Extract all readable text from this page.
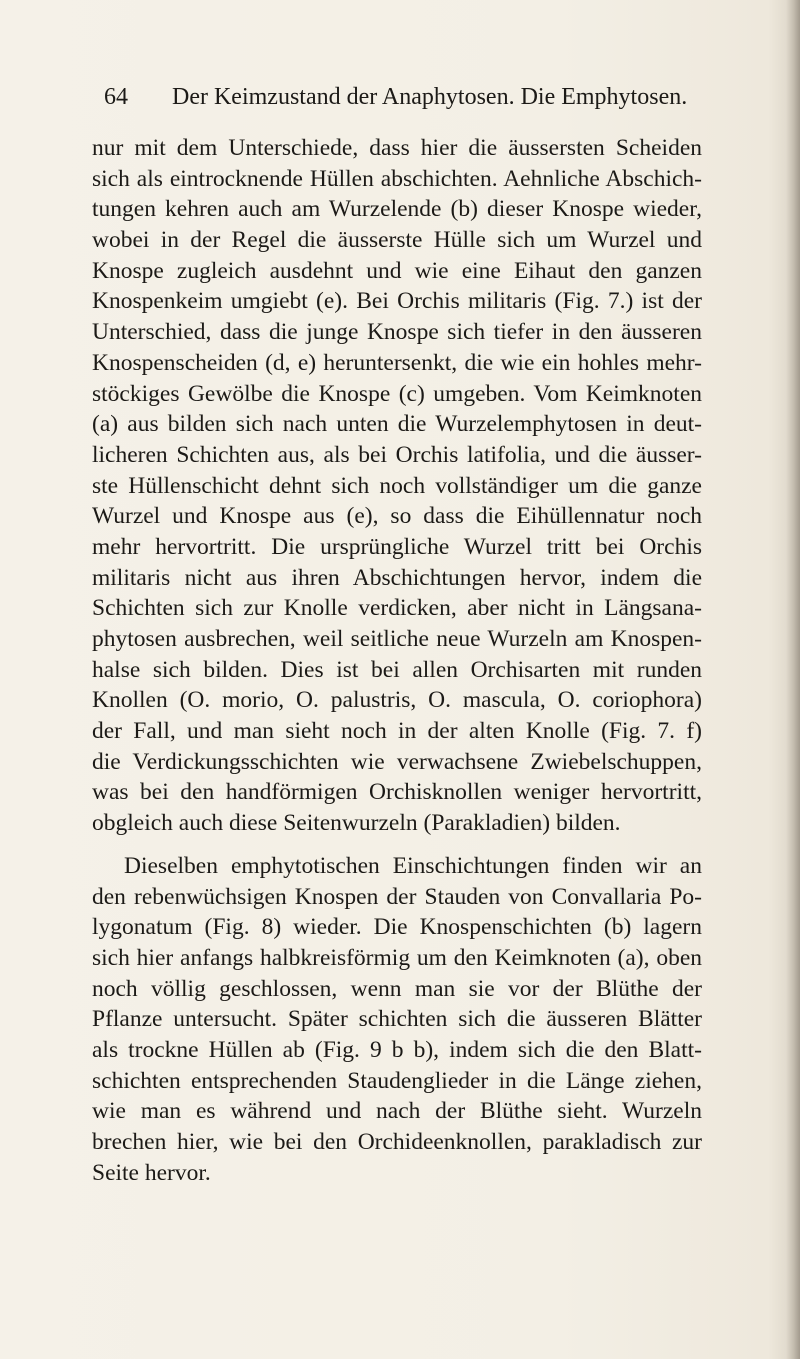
64 Der Keimzustand der Anaphytosen. Die Emphytosen.
nur mit dem Unterschiede, dass hier die äussersten Scheiden
sich als eintrocknende Hüllen abschichten. Aehnliche Abschich-
tungen kehren auch am Wurzelende (b) dieser Knospe wieder,
wobei in der Regel die äusserste Hülle sich um Wurzel und
Knospe zugleich ausdehnt und wie eine Eihaut den ganzen
Knospenkeim umgiebt (e). Bei Orchis militaris (Fig. 7.) ist der
Unterschied, dass die junge Knospe sich tiefer in den äusseren
Knospenscheiden (d, e) heruntersenkt, die wie ein hohles mehr-
stöckiges Gewölbe die Knospe (c) umgeben. Vom Keimknoten
(a) aus bilden sich nach unten die Wurzelemphytosen in deut-
licheren Schichten aus, als bei Orchis latifolia, und die äusser-
ste Hüllenschicht dehnt sich noch vollständiger um die ganze
Wurzel und Knospe aus (e), so dass die Eihüllennatur noch
mehr hervortritt. Die ursprüngliche Wurzel tritt bei Orchis
militaris nicht aus ihren Abschichtungen hervor, indem die
Schichten sich zur Knolle verdicken, aber nicht in Längsana-
phytosen ausbrechen, weil seitliche neue Wurzeln am Knospen-
halse sich bilden. Dies ist bei allen Orchisarten mit runden
Knollen (O. morio, O. palustris, O. mascula, O. coriophora)
der Fall, und man sieht noch in der alten Knolle (Fig. 7. f)
die Verdickungsschichten wie verwachsene Zwiebelschuppen,
was bei den handförmigen Orchisknollen weniger hervortritt,
obgleich auch diese Seitenwurzeln (Parakladien) bilden.
Dieselben emphytotischen Einschichtungen finden wir an
den rebenwüchsigen Knospen der Stauden von Convallaria Po-
lygonatum (Fig. 8) wieder. Die Knospenschichten (b) lagern
sich hier anfangs halbkreisförmig um den Keimknoten (a), oben
noch völlig geschlossen, wenn man sie vor der Blüthe der
Pflanze untersucht. Später schichten sich die äusseren Blätter
als trockne Hüllen ab (Fig. 9 b b), indem sich die den Blatt-
schichten entsprechenden Staudenglieder in die Länge ziehen,
wie man es während und nach der Blüthe sieht. Wurzeln
brechen hier, wie bei den Orchideenknollen, parakladisch zur
Seite hervor.
